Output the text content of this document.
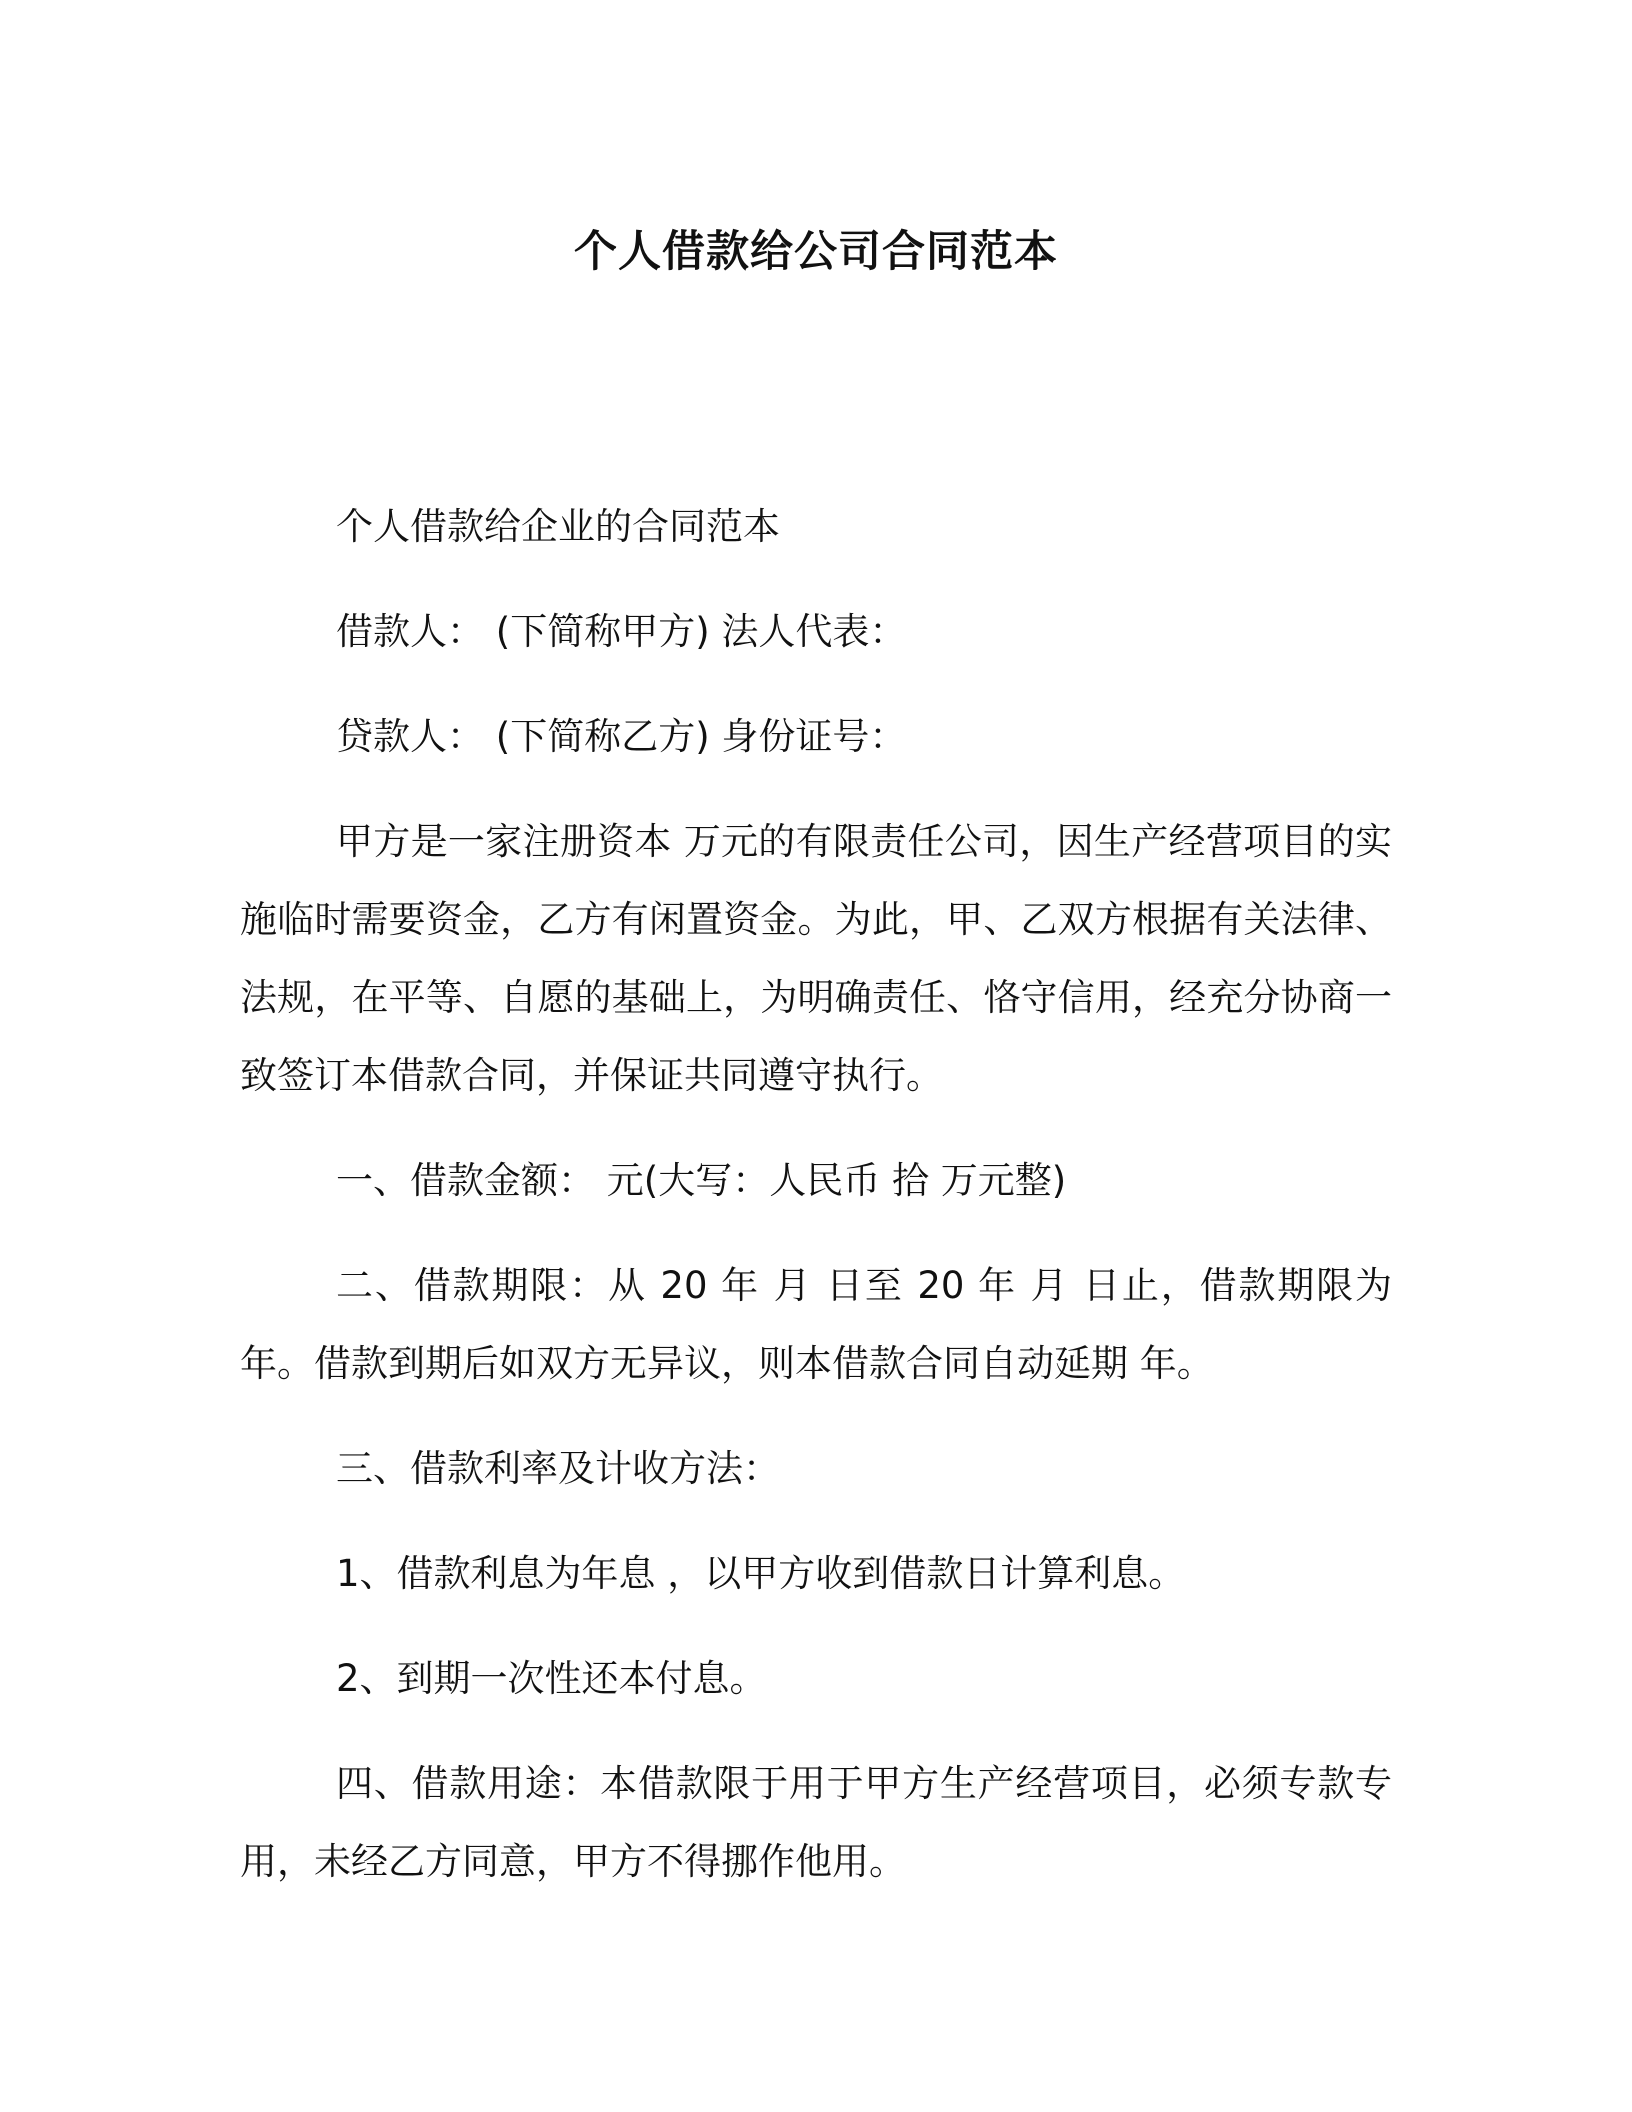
个人借款给公司合同范本

个人借款给企业的合同范本

借款人： (下简称甲方) 法人代表：

贷款人： (下简称乙方) 身份证号：

甲方是一家注册资本 万元的有限责任公司，因生产经营项目的实施临时需要资金，乙方有闲置资金。为此，甲、乙双方根据有关法律、法规，在平等、自愿的基础上，为明确责任、恪守信用，经充分协商一致签订本借款合同，并保证共同遵守执行。

一、借款金额： 元(大写：人民币 拾 万元整)

二、借款期限：从 20 年 月 日至 20 年 月 日止，借款期限为 年。借款到期后如双方无异议，则本借款合同自动延期 年。

三、借款利率及计收方法：

1、借款利息为年息 ，以甲方收到借款日计算利息。

2、到期一次性还本付息。

四、借款用途：本借款限于用于甲方生产经营项目，必须专款专用，未经乙方同意，甲方不得挪作他用。
